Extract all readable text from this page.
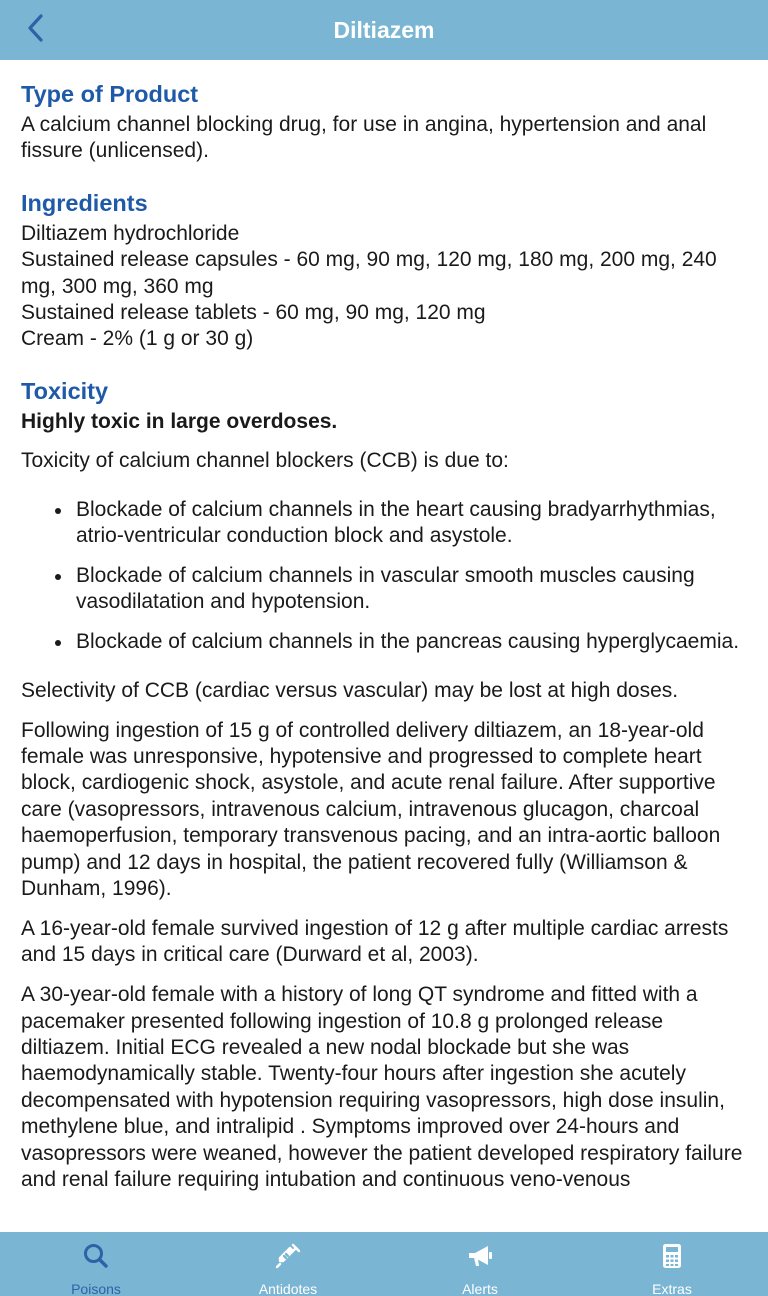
Diltiazem
Type of Product

A calcium channel blocking drug, for use in angina, hypertension and anal fissure (unlicensed).

Ingredients
Diltiazem hydrochloride
Sustained release capsules - 60 mg, 90 mg, 120 mg, 180 mg, 200 mg, 240 mg, 300 mg, 360 mg
Sustained release tablets - 60 mg, 90 mg, 120 mg
Cream - 2% (1 g or 30 g)
Toxicity

Highly toxic in large overdoses.

Toxicity of calcium channel blockers (CCB) is due to:

Blockade of calcium channels in the heart causing bradyarrhythmias, atrio-ventricular conduction block and asystole.
Blockade of calcium channels in vascular smooth muscles causing vasodilatation and hypotension.
Blockade of calcium channels in the pancreas causing hyperglycaemia.

Selectivity of CCB (cardiac versus vascular) may be lost at high doses.

Following ingestion of 15 g of controlled delivery diltiazem, an 18-year-old female was unresponsive, hypotensive and progressed to complete heart block, cardiogenic shock, asystole, and acute renal failure. After supportive care (vasopressors, intravenous calcium, intravenous glucagon, charcoal haemoperfusion, temporary transvenous pacing, and an intra-aortic balloon pump) and 12 days in hospital, the patient recovered fully (Williamson & Dunham, 1996).

A 16-year-old female survived ingestion of 12 g after multiple cardiac arrests and 15 days in critical care (Durward et al, 2003).

A 30-year-old female with a history of long QT syndrome and fitted with a pacemaker presented following ingestion of 10.8 g prolonged release diltiazem. Initial ECG revealed a new nodal blockade but she was haemodynamically stable. Twenty-four hours after ingestion she acutely decompensated with hypotension requiring vasopressors, high dose insulin, methylene blue, and intralipid . Symptoms improved over 24-hours and vasopressors were weaned, however the patient developed respiratory failure and renal failure requiring intubation and continuous veno-venous

Poisons	Antidotes	Alerts	Extras
